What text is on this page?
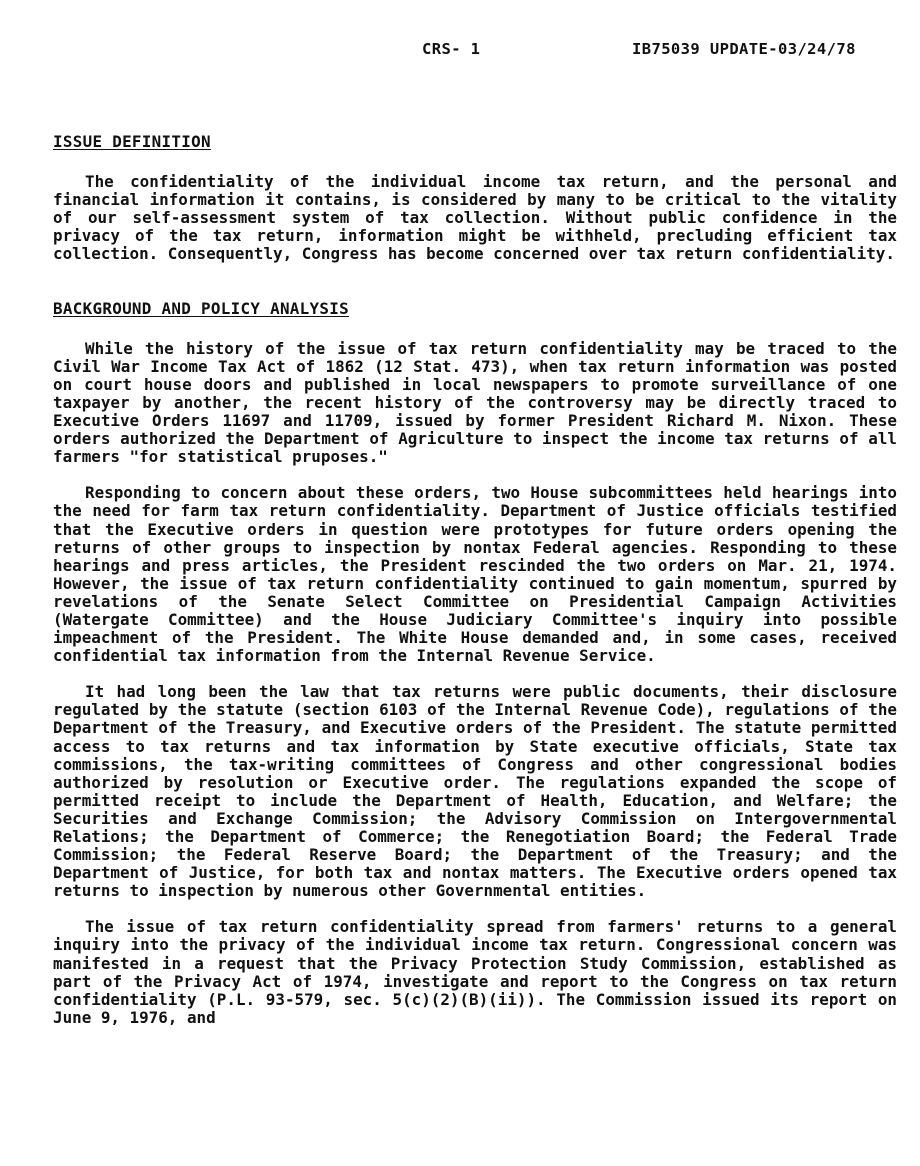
CRS- 1	IB75039 UPDATE-03/24/78
ISSUE DEFINITION

The confidentiality of the individual income tax return, and the personal and financial information it contains, is considered by many to be critical to the vitality of our self-assessment system of tax collection. Without public confidence in the privacy of the tax return, information might be withheld, precluding efficient tax collection. Consequently, Congress has become concerned over tax return confidentiality.

BACKGROUND AND POLICY ANALYSIS

While the history of the issue of tax return confidentiality may be traced to the Civil War Income Tax Act of 1862 (12 Stat. 473), when tax return information was posted on court house doors and published in local newspapers to promote surveillance of one taxpayer by another, the recent history of the controversy may be directly traced to Executive Orders 11697 and 11709, issued by former President Richard M. Nixon. These orders authorized the Department of Agriculture to inspect the income tax returns of all farmers "for statistical pruposes."

Responding to concern about these orders, two House subcommittees held hearings into the need for farm tax return confidentiality. Department of Justice officials testified that the Executive orders in question were prototypes for future orders opening the returns of other groups to inspection by nontax Federal agencies. Responding to these hearings and press articles, the President rescinded the two orders on Mar. 21, 1974. However, the issue of tax return confidentiality continued to gain momentum, spurred by revelations of the Senate Select Committee on Presidential Campaign Activities (Watergate Committee) and the House Judiciary Committee's inquiry into possible impeachment of the President. The White House demanded and, in some cases, received confidential tax information from the Internal Revenue Service.

It had long been the law that tax returns were public documents, their disclosure regulated by the statute (section 6103 of the Internal Revenue Code), regulations of the Department of the Treasury, and Executive orders of the President. The statute permitted access to tax returns and tax information by State executive officials, State tax commissions, the tax-writing committees of Congress and other congressional bodies authorized by resolution or Executive order. The regulations expanded the scope of permitted receipt to include the Department of Health, Education, and Welfare; the Securities and Exchange Commission; the Advisory Commission on Intergovernmental Relations; the Department of Commerce; the Renegotiation Board; the Federal Trade Commission; the Federal Reserve Board; the Department of the Treasury; and the Department of Justice, for both tax and nontax matters. The Executive orders opened tax returns to inspection by numerous other Governmental entities.

The issue of tax return confidentiality spread from farmers' returns to a general inquiry into the privacy of the individual income tax return. Congressional concern was manifested in a request that the Privacy Protection Study Commission, established as part of the Privacy Act of 1974, investigate and report to the Congress on tax return confidentiality (P.L. 93-579, sec. 5(c)(2)(B)(ii)). The Commission issued its report on June 9, 1976, and
